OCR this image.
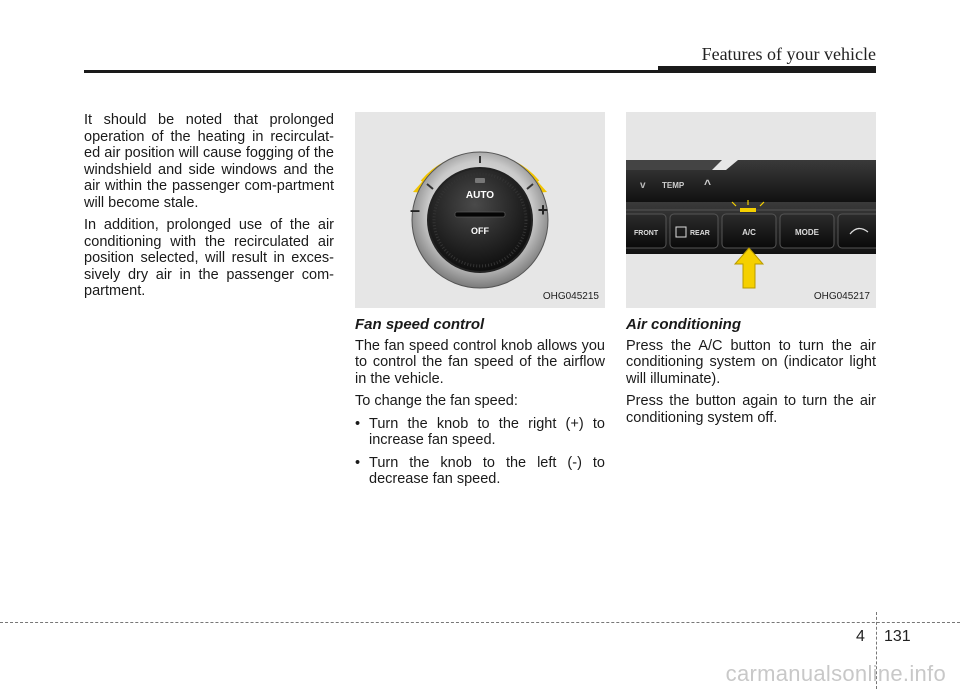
Features of your vehicle

It should be noted that prolonged operation of the heating in recirculat-ed air position will cause fogging of the windshield and side windows and the air within the passenger com-partment will become stale.

In addition, prolonged use of the air conditioning with the recirculated air position selected, will result in exces-sively dry air in the passenger com-partment.

AUTO
OFF
–	+
OHG045215
Fan speed control

The fan speed control knob allows you to control the fan speed of the airflow in the vehicle.

To change the fan speed:

• Turn the knob to the right (+) to increase fan speed.
• Turn the knob to the left (-) to decrease fan speed.
v TEMP ^
FRONT	REAR	A/C	MODE
OHG045217
Air conditioning

Press the A/C button to turn the air conditioning system on (indicator light will illuminate).

Press the button again to turn the air conditioning system off.

4 131
carmanualsonline.info
